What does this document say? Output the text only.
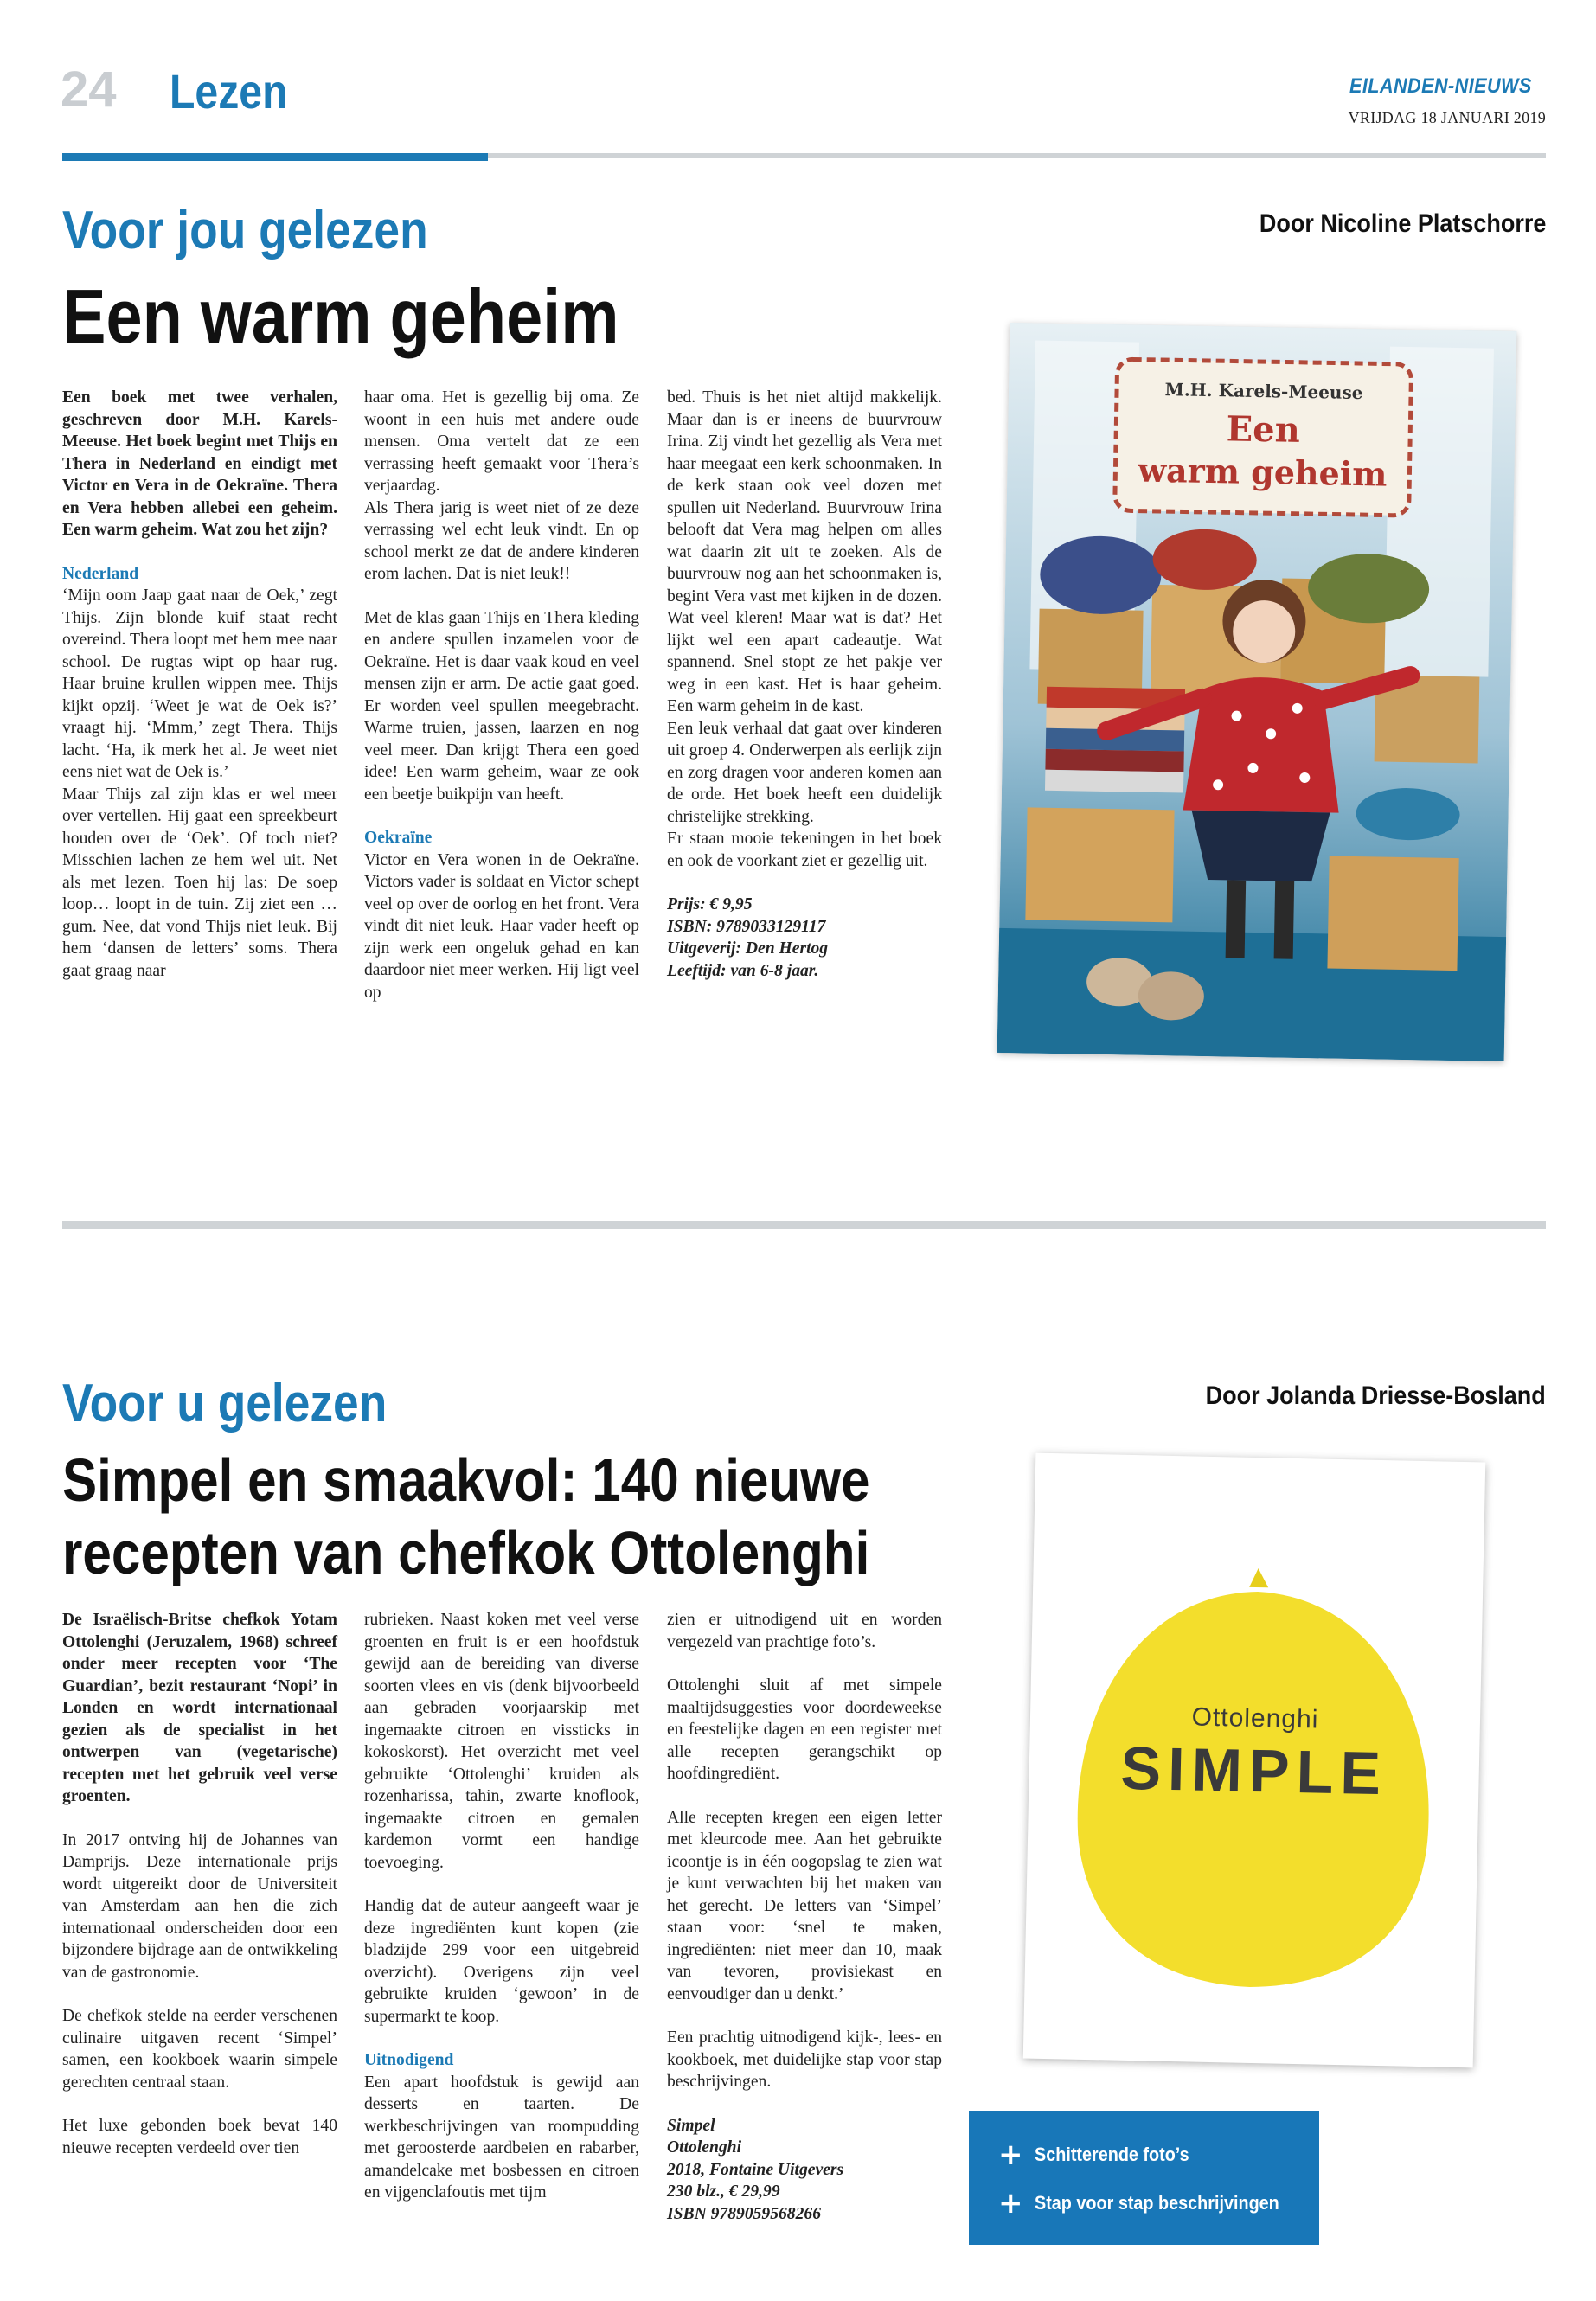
24 Lezen	EILANDEN-NIEUWS
VRIJDAG 18 JANUARI 2019
Voor jou gelezen	Door Nicoline Platschorre
Een warm geheim
Een boek met twee verhalen, geschreven door M.H. Karels-Meeuse. Het boek begint met Thijs en Thera in Nederland en eindigt met Victor en Vera in de Oekraïne. Thera en Vera hebben allebei een geheim. Een warm geheim. Wat zou het zijn?
Nederland

‘Mijn oom Jaap gaat naar de Oek,’ zegt Thijs. Zijn blonde kuif staat recht overeind. Thera loopt met hem mee naar school. De rugtas wipt op haar rug. Haar bruine krullen wippen mee. Thijs kijkt opzij. ‘Weet je wat de Oek is?’ vraagt hij. ‘Mmm,’ zegt Thera. Thijs lacht. ‘Ha, ik merk het al. Je weet niet eens niet wat de Oek is.’
Maar Thijs zal zijn klas er wel meer over vertellen. Hij gaat een spreekbeurt houden over de ‘Oek’. Of toch niet? Misschien lachen ze hem wel uit. Net als met lezen. Toen hij las: De soep loop… loopt in de tuin. Zij ziet een …gum. Nee, dat vond Thijs niet leuk. Bij hem ‘dansen de letters’ soms. Thera gaat graag naar

haar oma. Het is gezellig bij oma. Ze woont in een huis met andere oude mensen. Oma vertelt dat ze een verrassing heeft gemaakt voor Thera’s verjaardag.
Als Thera jarig is weet niet of ze deze verrassing wel echt leuk vindt. En op school merkt ze dat de andere kinderen erom lachen. Dat is niet leuk!!

Met de klas gaan Thijs en Thera kleding en andere spullen inzamelen voor de Oekraïne. Het is daar vaak koud en veel mensen zijn er arm. De actie gaat goed. Er worden veel spullen meegebracht. Warme truien, jassen, laarzen en nog veel meer. Dan krijgt Thera een goed idee! Een warm geheim, waar ze ook een beetje buikpijn van heeft.

Oekraïne

Victor en Vera wonen in de Oekraïne. Victors vader is soldaat en Victor schept veel op over de oorlog en het front. Vera vindt dit niet leuk. Haar vader heeft op zijn werk een ongeluk gehad en kan daardoor niet meer werken. Hij ligt veel op

bed. Thuis is het niet altijd makkelijk. Maar dan is er ineens de buurvrouw Irina. Zij vindt het gezellig als Vera met haar meegaat een kerk schoonmaken. In de kerk staan ook veel dozen met spullen uit Nederland. Buurvrouw Irina belooft dat Vera mag helpen om alles wat daarin zit uit te zoeken. Als de buurvrouw nog aan het schoonmaken is, begint Vera vast met kijken in de dozen. Wat veel kleren! Maar wat is dat? Het lijkt wel een apart cadeautje. Wat spannend. Snel stopt ze het pakje ver weg in een kast. Het is haar geheim. Een warm geheim in de kast.
Een leuk verhaal dat gaat over kinderen uit groep 4. Onderwerpen als eerlijk zijn en zorg dragen voor anderen komen aan de orde. Het boek heeft een duidelijk christelijke strekking.
Er staan mooie tekeningen in het boek en ook de voorkant ziet er gezellig uit.

Prijs: € 9,95
ISBN: 9789033129117
Uitgeverij: Den Hertog
Leeftijd: van 6-8 jaar.
M.H. Karels-Meeuse
Een
warm geheim
Voor u gelezen	Door Jolanda Driesse-Bosland
Simpel en smaakvol: 140 nieuwe
recepten van chefkok Ottolenghi
De Israëlisch-Britse chefkok Yotam Ottolenghi (Jeruzalem, 1968) schreef onder meer recepten voor ‘The Guardian’, bezit restaurant ‘Nopi’ in Londen en wordt internationaal gezien als de specialist in het ontwerpen van (vegetarische) recepten met het gebruik veel verse groenten.

In 2017 ontving hij de Johannes van Damprijs. Deze internationale prijs wordt uitgereikt door de Universiteit van Amsterdam aan hen die zich internationaal onderscheiden door een bijzondere bijdrage aan de ontwikkeling van de gastronomie.

De chefkok stelde na eerder verschenen culinaire uitgaven recent ‘Simpel’ samen, een kookboek waarin simpele gerechten centraal staan.

Het luxe gebonden boek bevat 140 nieuwe recepten verdeeld over tien

rubrieken. Naast koken met veel verse groenten en fruit is er een hoofdstuk gewijd aan de bereiding van diverse soorten vlees en vis (denk bijvoorbeeld aan gebraden voorjaarskip met ingemaakte citroen en vissticks in kokoskorst). Het overzicht met veel gebruikte ‘Ottolenghi’ kruiden als rozenharissa, tahin, zwarte knoflook, ingemaakte citroen en gemalen kardemon vormt een handige toevoeging.

Handig dat de auteur aangeeft waar je deze ingrediënten kunt kopen (zie bladzijde 299 voor een uitgebreid overzicht). Overigens zijn veel gebruikte kruiden ‘gewoon’ in de supermarkt te koop.

Uitnodigend

Een apart hoofdstuk is gewijd aan desserts en taarten. De werkbeschrijvingen van roompudding met geroosterde aardbeien en rabarber, amandelcake met bosbessen en citroen en vijgenclafoutis met tijm

zien er uitnodigend uit en worden vergezeld van prachtige foto’s.

Ottolenghi sluit af met simpele maaltijdsuggesties voor doordeweekse en feestelijke dagen en een register met alle recepten gerangschikt op hoofdingrediënt.

Alle recepten kregen een eigen letter met kleurcode mee. Aan het gebruikte icoontje is in één oogopslag te zien wat je kunt verwachten bij het maken van het gerecht. De letters van ‘Simpel’ staan voor: ‘snel te maken, ingrediënten: niet meer dan 10, maak van tevoren, provisiekast en eenvoudiger dan u denkt.’

Een prachtig uitnodigend kijk-, lees- en kookboek, met duidelijke stap voor stap beschrijvingen.

Simpel
Ottolenghi
2018, Fontaine Uitgevers
230 blz., € 29,99
ISBN 9789059568266
Ottolenghi
SIMPLE
+ Schitterende foto’s
+ Stap voor stap beschrijvingen
